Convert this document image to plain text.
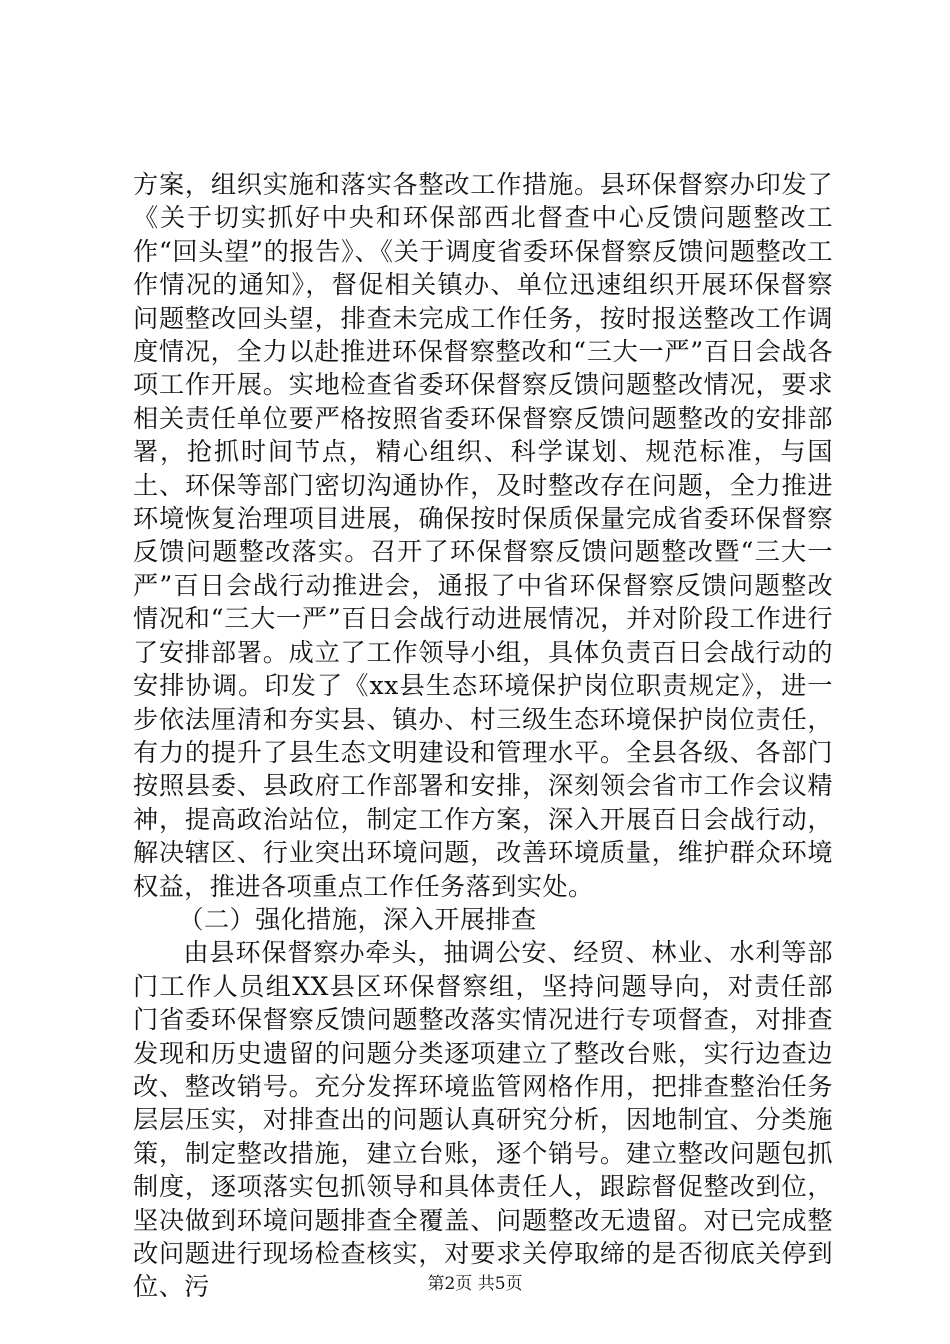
方案，组织实施和落实各整改工作措施。县环保督察办印发了《关于切实抓好中央和环保部西北督查中心反馈问题整改工作“回头望”的报告》、《关于调度省委环保督察反馈问题整改工作情况的通知》，督促相关镇办、单位迅速组织开展环保督察问题整改回头望，排查未完成工作任务，按时报送整改工作调度情况，全力以赴推进环保督察整改和“三大一严”百日会战各项工作开展。实地检查省委环保督察反馈问题整改情况，要求相关责任单位要严格按照省委环保督察反馈问题整改的安排部署，抢抓时间节点，精心组织、科学谋划、规范标准，与国土、环保等部门密切沟通协作，及时整改存在问题，全力推进环境恢复治理项目进展，确保按时保质保量完成省委环保督察反馈问题整改落实。召开了环保督察反馈问题整改暨“三大一严”百日会战行动推进会，通报了中省环保督察反馈问题整改情况和“三大一严”百日会战行动进展情况，并对阶段工作进行了安排部署。成立了工作领导小组，具体负责百日会战行动的安排协调。印发了《xx县生态环境保护岗位职责规定》，进一步依法厘清和夯实县、镇办、村三级生态环境保护岗位责任，有力的提升了县生态文明建设和管理水平。全县各级、各部门按照县委、县政府工作部署和安排，深刻领会省市工作会议精神，提高政治站位，制定工作方案，深入开展百日会战行动，解决辖区、行业突出环境问题，改善环境质量，维护群众环境权益，推进各项重点工作任务落到实处。

（二）强化措施，深入开展排查

由县环保督察办牵头，抽调公安、经贸、林业、水利等部门工作人员组XX县区环保督察组，坚持问题导向，对责任部门省委环保督察反馈问题整改落实情况进行专项督查，对排查发现和历史遗留的问题分类逐项建立了整改台账，实行边查边改、整改销号。充分发挥环境监管网格作用，把排查整治任务层层压实，对排查出的问题认真研究分析，因地制宜、分类施策，制定整改措施，建立台账，逐个销号。建立整改问题包抓制度，逐项落实包抓领导和具体责任人，跟踪督促整改到位，坚决做到环境问题排查全覆盖、问题整改无遗留。对已完成整改问题进行现场检查核实，对要求关停取缔的是否彻底关停到位、污	第2页 共5页
